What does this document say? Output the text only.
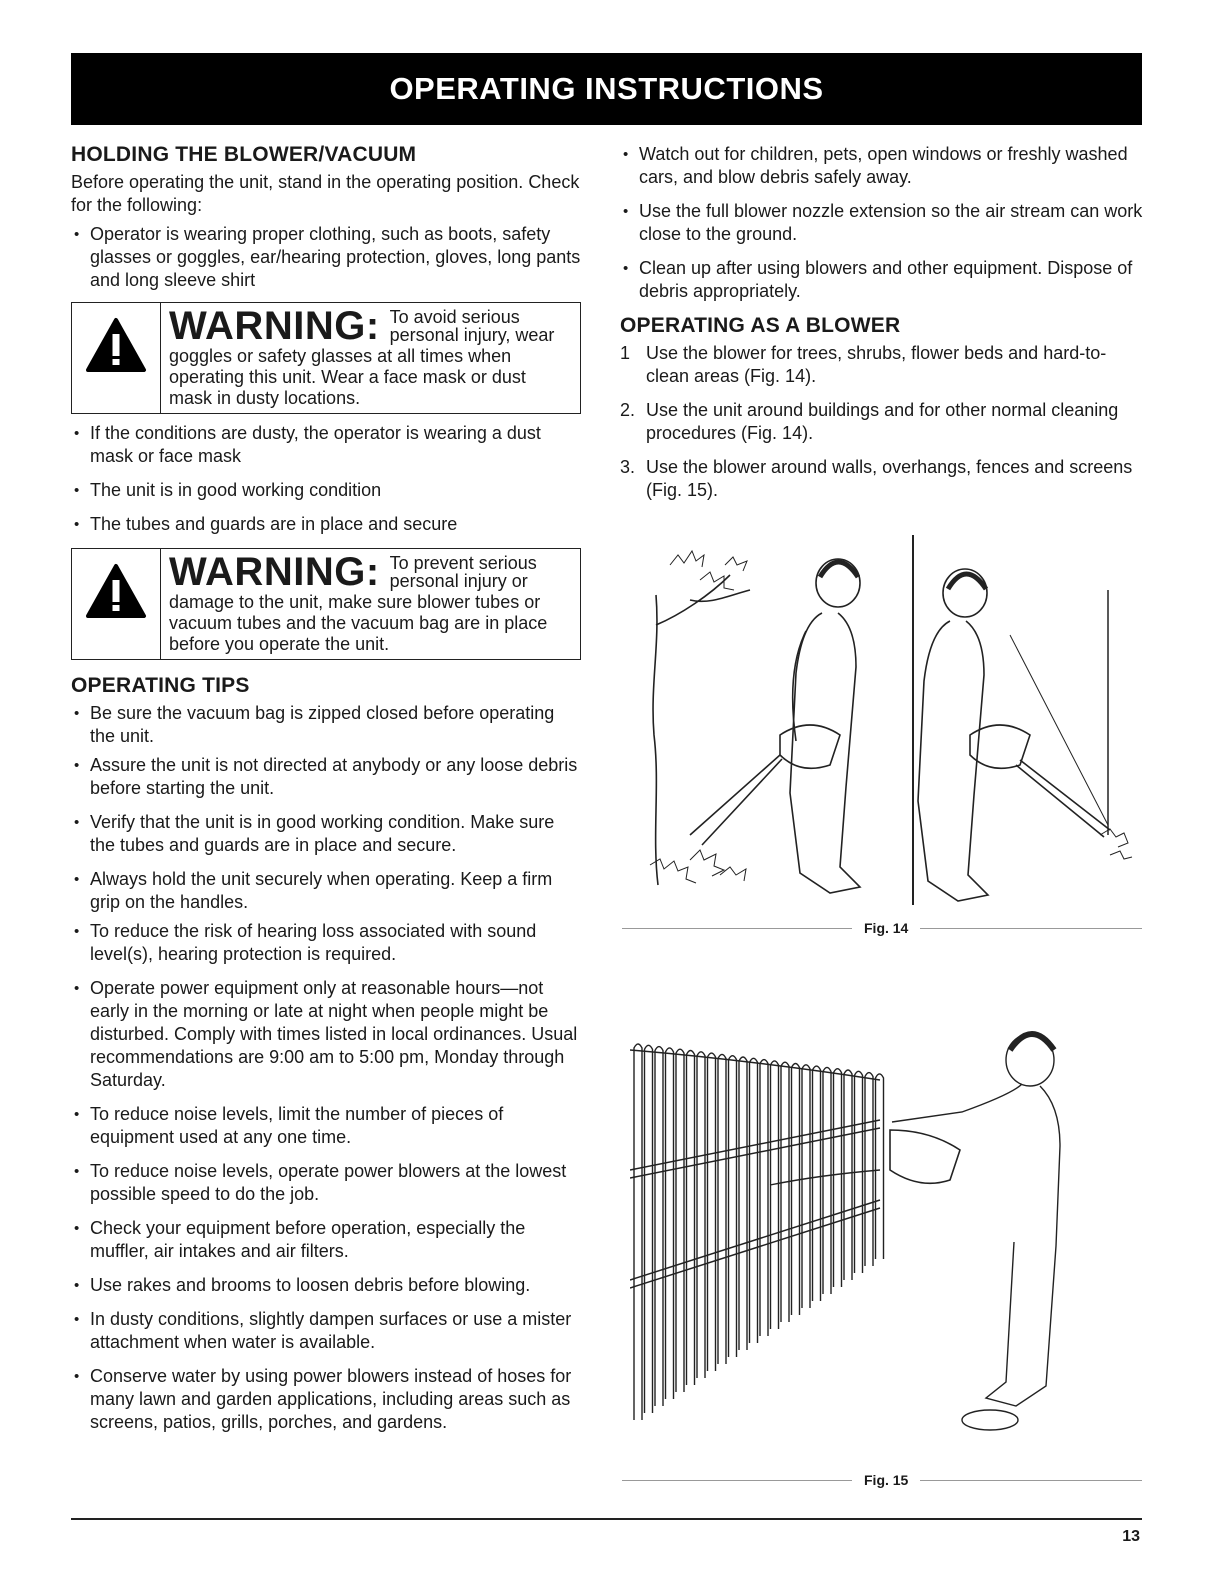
OPERATING INSTRUCTIONS
HOLDING THE BLOWER/VACUUM

Before operating the unit, stand in the operating position. Check for the following:

• Operator is wearing proper clothing, such as boots, safety glasses or goggles, ear/hearing protection, gloves, long pants and long sleeve shirt
WARNING: To avoid serious personal injury, wear
goggles or safety glasses at all times when operating this unit. Wear a face mask or dust mask in dusty locations.
• If the conditions are dusty, the operator is wearing a dust mask or face mask
• The unit is in good working condition
• The tubes and guards are in place and secure
WARNING: To prevent serious personal injury or
damage to the unit, make sure blower tubes or vacuum tubes and the vacuum bag are in place before you operate the unit.
OPERATING TIPS
• Be sure the vacuum bag is zipped closed before operating the unit.
• Assure the unit is not directed at anybody or any loose debris before starting the unit.
• Verify that the unit is in good working condition. Make sure the tubes and guards are in place and secure.
• Always hold the unit securely when operating. Keep a firm grip on the handles.
• To reduce the risk of hearing loss associated with sound level(s), hearing protection is required.
• Operate power equipment only at reasonable hours—not early in the morning or late at night when people might be disturbed. Comply with times listed in local ordinances. Usual recommendations are 9:00 am to 5:00 pm, Monday through Saturday.
• To reduce noise levels, limit the number of pieces of equipment used at any one time.
• To reduce noise levels, operate power blowers at the lowest possible speed to do the job.
• Check your equipment before operation, especially the muffler, air intakes and air filters.
• Use rakes and brooms to loosen debris before blowing.
• In dusty conditions, slightly dampen surfaces or use a mister attachment when water is available.
• Conserve water by using power blowers instead of hoses for many lawn and garden applications, including areas such as screens, patios, grills, porches, and gardens.
• Watch out for children, pets, open windows or freshly washed cars, and blow debris safely away.
• Use the full blower nozzle extension so the air stream can work close to the ground.
• Clean up after using blowers and other equipment. Dispose of debris appropriately.
OPERATING AS A BLOWER
1 Use the blower for trees, shrubs, flower beds and hard-to-clean areas (Fig. 14).
2. Use the unit around buildings and for other normal cleaning procedures (Fig. 14).
3. Use the blower around walls, overhangs, fences and screens (Fig. 15).
Fig. 14
Fig. 15
13
